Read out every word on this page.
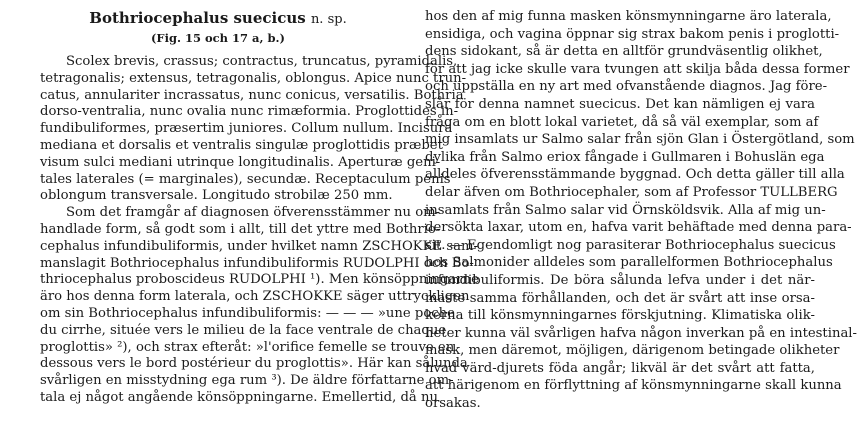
Bothriocephalus suecicus n. sp.
(Fig. 15 och 17 a, b.)
Scolex brevis, crassus; contractus, truncatus, pyramidalis,
tetragonalis; extensus, tetragonalis, oblongus. Apice nunc trun-
catus, annulariter incrassatus, nunc conicus, versatilis. Bothria
dorso-ventralia, nunc ovalia nunc rimæformia. Proglottides in-
fundibuliformes, præsertim juniores. Collum nullum. Incisura
mediana et dorsalis et ventralis singulæ proglottidis præbet
visum sulci mediani utrinque longitudinalis. Aperturæ geni-
tales laterales (= marginales), secundæ. Receptaculum penis
oblongum transversale. Longitudo strobilæ 250 mm.
Som det framgår af diagnosen öfverensstämmer nu om-
handlade form, så godt som i allt, till det yttre med Bothrio-
cephalus infundibuliformis, under hvilket namn ZSCHOKKE sam-
manslagit Bothriocephalus infundibuliformis RUDOLPHI och Bo-
thriocephalus proboscideus RUDOLPHI ¹). Men könsöppningarne
äro hos denna form laterala, och ZSCHOKKE säger uttryckligen
om sin Bothriocephalus infundibuliformis: — — — »une poche
du cirrhe, située vers le milieu de la face ventrale de chaque
proglottis» ²), och strax efteråt: »l'orifice femelle se trouve en
dessous vers le bord postérieur du proglottis». Här kan sålunda
svårligen en misstydning ega rum ³). De äldre författarne om-
tala ej något angående könsöppningarne. Emellertid, då nu
hos den af mig funna masken könsmynningarne äro laterala,
ensidiga, och vagina öppnar sig strax bakom penis i proglotti-
dens sidokant, så är detta en alltför grundväsentlig olikhet,
för att jag icke skulle vara tvungen att skilja båda dessa former
och uppställa en ny art med ofvanstående diagnos. Jag före-
slår för denna namnet suecicus. Det kan nämligen ej vara
fråga om en blott lokal varietet, då så väl exemplar, som af
mig insamlats ur Salmo salar från sjön Glan i Östergötland, som
dylika från Salmo eriox fångade i Gullmaren i Bohuslän ega
alldeles öfverensstämmande byggnad. Och detta gäller till alla
delar äfven om Bothriocephaler, som af Professor TULLBERG
insamlats från Salmo salar vid Örnsköldsvik. Alla af mig un-
dersökta laxar, utom en, hafva varit behäftade med denna para-
sit. — Egendomligt nog parasiterar Bothriocephalus suecicus
hos Salmonider alldeles som parallelformen Bothriocephalus
infundibuliformis. De böra sålunda lefva under i det när-
maste samma förhållanden, och det är svårt att inse orsa-
kerna till könsmynningarnes förskjutning. Klimatiska olik-
heter kunna väl svårligen hafva någon inverkan på en intestinal-
mask, men däremot, möjligen, därigenom betingade olikheter
hvad värd-djurets föda angår; likväl är det svårt att fatta,
att härigenom en förflyttning af könsmynningarne skall kunna
orsakas.
